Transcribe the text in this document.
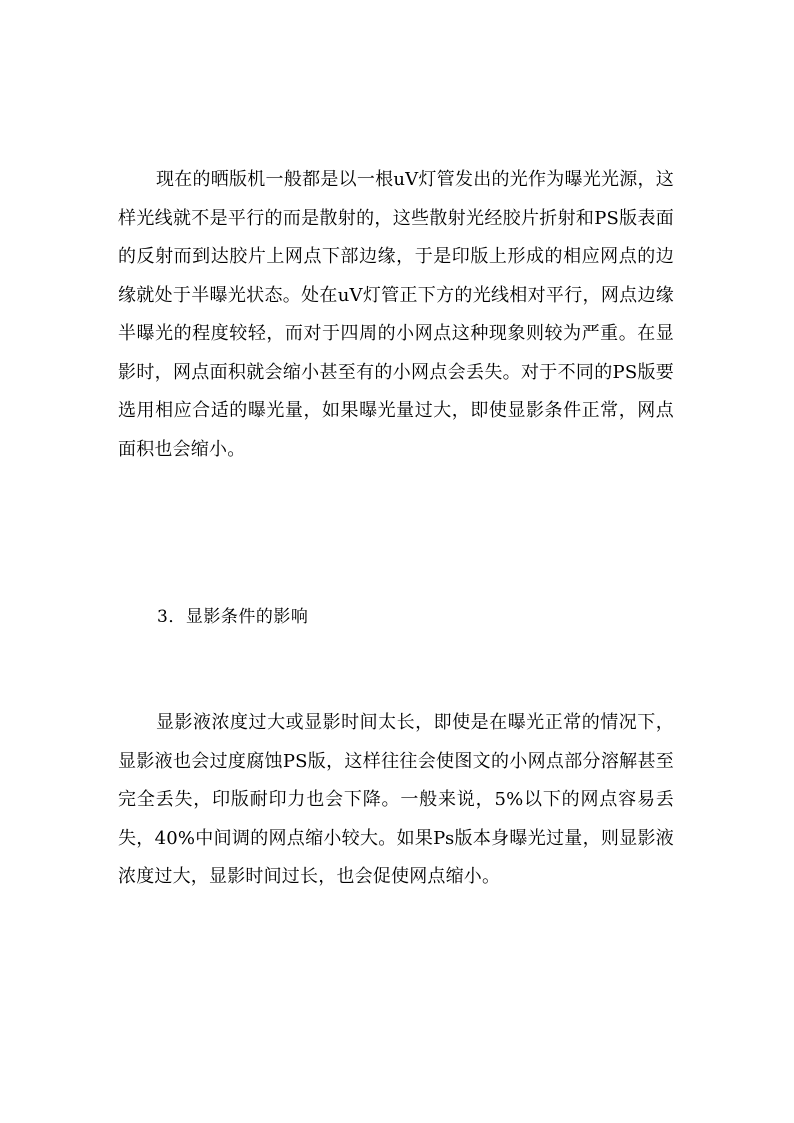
现在的晒版机一般都是以一根uV灯管发出的光作为曝光光源，这样光线就不是平行的而是散射的，这些散射光经胶片折射和PS版表面的反射而到达胶片上网点下部边缘，于是印版上形成的相应网点的边缘就处于半曝光状态。处在uV灯管正下方的光线相对平行，网点边缘半曝光的程度较轻，而对于四周的小网点这种现象则较为严重。在显影时，网点面积就会缩小甚至有的小网点会丢失。对于不同的PS版要选用相应合适的曝光量，如果曝光量过大，即使显影条件正常，网点面积也会缩小。

3．显影条件的影响

显影液浓度过大或显影时间太长，即使是在曝光正常的情况下，显影液也会过度腐蚀PS版，这样往往会使图文的小网点部分溶解甚至完全丢失，印版耐印力也会下降。一般来说，5%以下的网点容易丢失，40%中间调的网点缩小较大。如果Ps版本身曝光过量，则显影液浓度过大，显影时间过长，也会促使网点缩小。
